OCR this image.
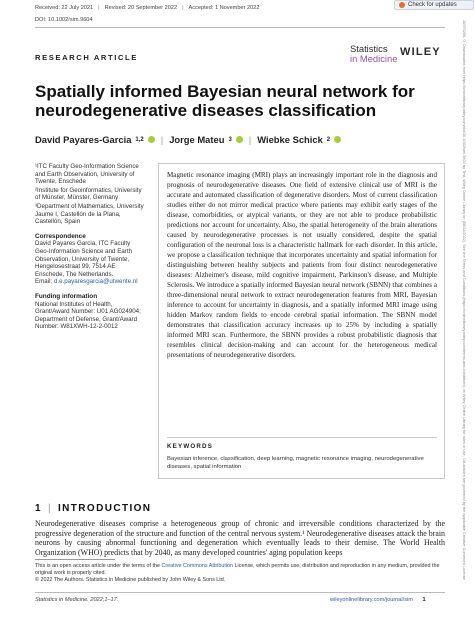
Received: 22 July 2021 | Revised: 20 September 2022 | Accepted: 1 November 2022
DOI: 10.1002/sim.9604
Check for updates
RESEARCH ARTICLE
Statistics
in Medicine
WILEY
Spatially informed Bayesian neural network for neurodegenerative diseases classification
David Payares-Garcia 1,2 | Jorge Mateu 3 | Wiebke Schick 2

¹ITC Faculty Geo-Information Science and Earth Observation, University of Twente, Enschede

²Institute for Geoinformatics, University of Münster, Münster, Germany

³Department of Mathematics, University Jaume I, Castellón de la Plana, Castellón, Spain

Correspondence
David Payares Garcia, ITC Faculty Geo-Information Science and Earth Observation, University of Twente, Hengelosestraat 99, 7514 AE Enschede, The Netherlands.
Email: d.e.payaresgarcia@utwente.nl
Funding information
National Institutes of Health, Grant/Award Number: U01 AG024904; Department of Defense, Grant/Award Number: W81XWH-12-2-0012
Magnetic resonance imaging (MRI) plays an increasingly important role in the diagnosis and prognosis of neurodegenerative diseases. One field of extensive clinical use of MRI is the accurate and automated classification of degenerative disorders. Most of current classification studies either do not mirror medical practice where patients may exhibit early stages of the disease, comorbidities, or atypical variants, or they are not able to produce probabilistic predictions nor account for uncertainty. Also, the spatial heterogeneity of the brain alterations caused by neurodegenerative processes is not usually considered, despite the spatial configuration of the neuronal loss is a characteristic hallmark for each disorder. In this article, we propose a classification technique that incorporates uncertainty and spatial information for distinguishing between healthy subjects and patients from four distinct neurodegenerative diseases: Alzheimer's disease, mild cognitive impairment, Parkinson's disease, and Multiple Sclerosis. We introduce a spatially informed Bayesian neural network (SBNN) that combines a three-dimensional neural network to extract neurodegeneration features from MRI, Bayesian inference to account for uncertainty in diagnosis, and a spatially informed MRI image using hidden Markov random fields to encode cerebral spatial information. The SBNN model demonstrates that classification accuracy increases up to 25% by including a spatially informed MRI scan. Furthermore, the SBNN provides a robust probabilistic diagnosis that resembles clinical decision-making and can account for the heterogeneous medical presentations of neurodegenerative disorders.
KEYWORDS
Bayesian inference, classification, deep learning, magnetic resonance imaging, neurodegenerative diseases, spatial information
1 | INTRODUCTION
Neurodegenerative diseases comprise a heterogeneous group of chronic and irreversible conditions characterized by the progressive degeneration of the structure and function of the central nervous system.¹ Neurodegenerative diseases attack the brain neurons by causing abnormal functioning and degeneration which eventually leads to their demise. The World Health Organization (WHO) predicts that by 2040, as many developed countries' aging population keeps
This is an open access article under the terms of the Creative Commons Attribution License, which permits use, distribution and reproduction in any medium, provided the original work is properly cited.
© 2022 The Authors. Statistics in Medicine published by John Wiley & Sons Ltd.
Statistics in Medicine. 2022;1–17.	wileyonlinelibrary.com/journal/sim 1
10970258, 0, Downloaded from https://onlinelibrary.wiley.com/doi/10.1002/sim.9604 by Test, Wiley Online Library on [08/11/2022]. See the Terms and Conditions (https://onlinelibrary.wiley.com/terms-and-conditions) on Wiley Online Library for rules of use; OA articles are governed by the applicable Creative Commons License
